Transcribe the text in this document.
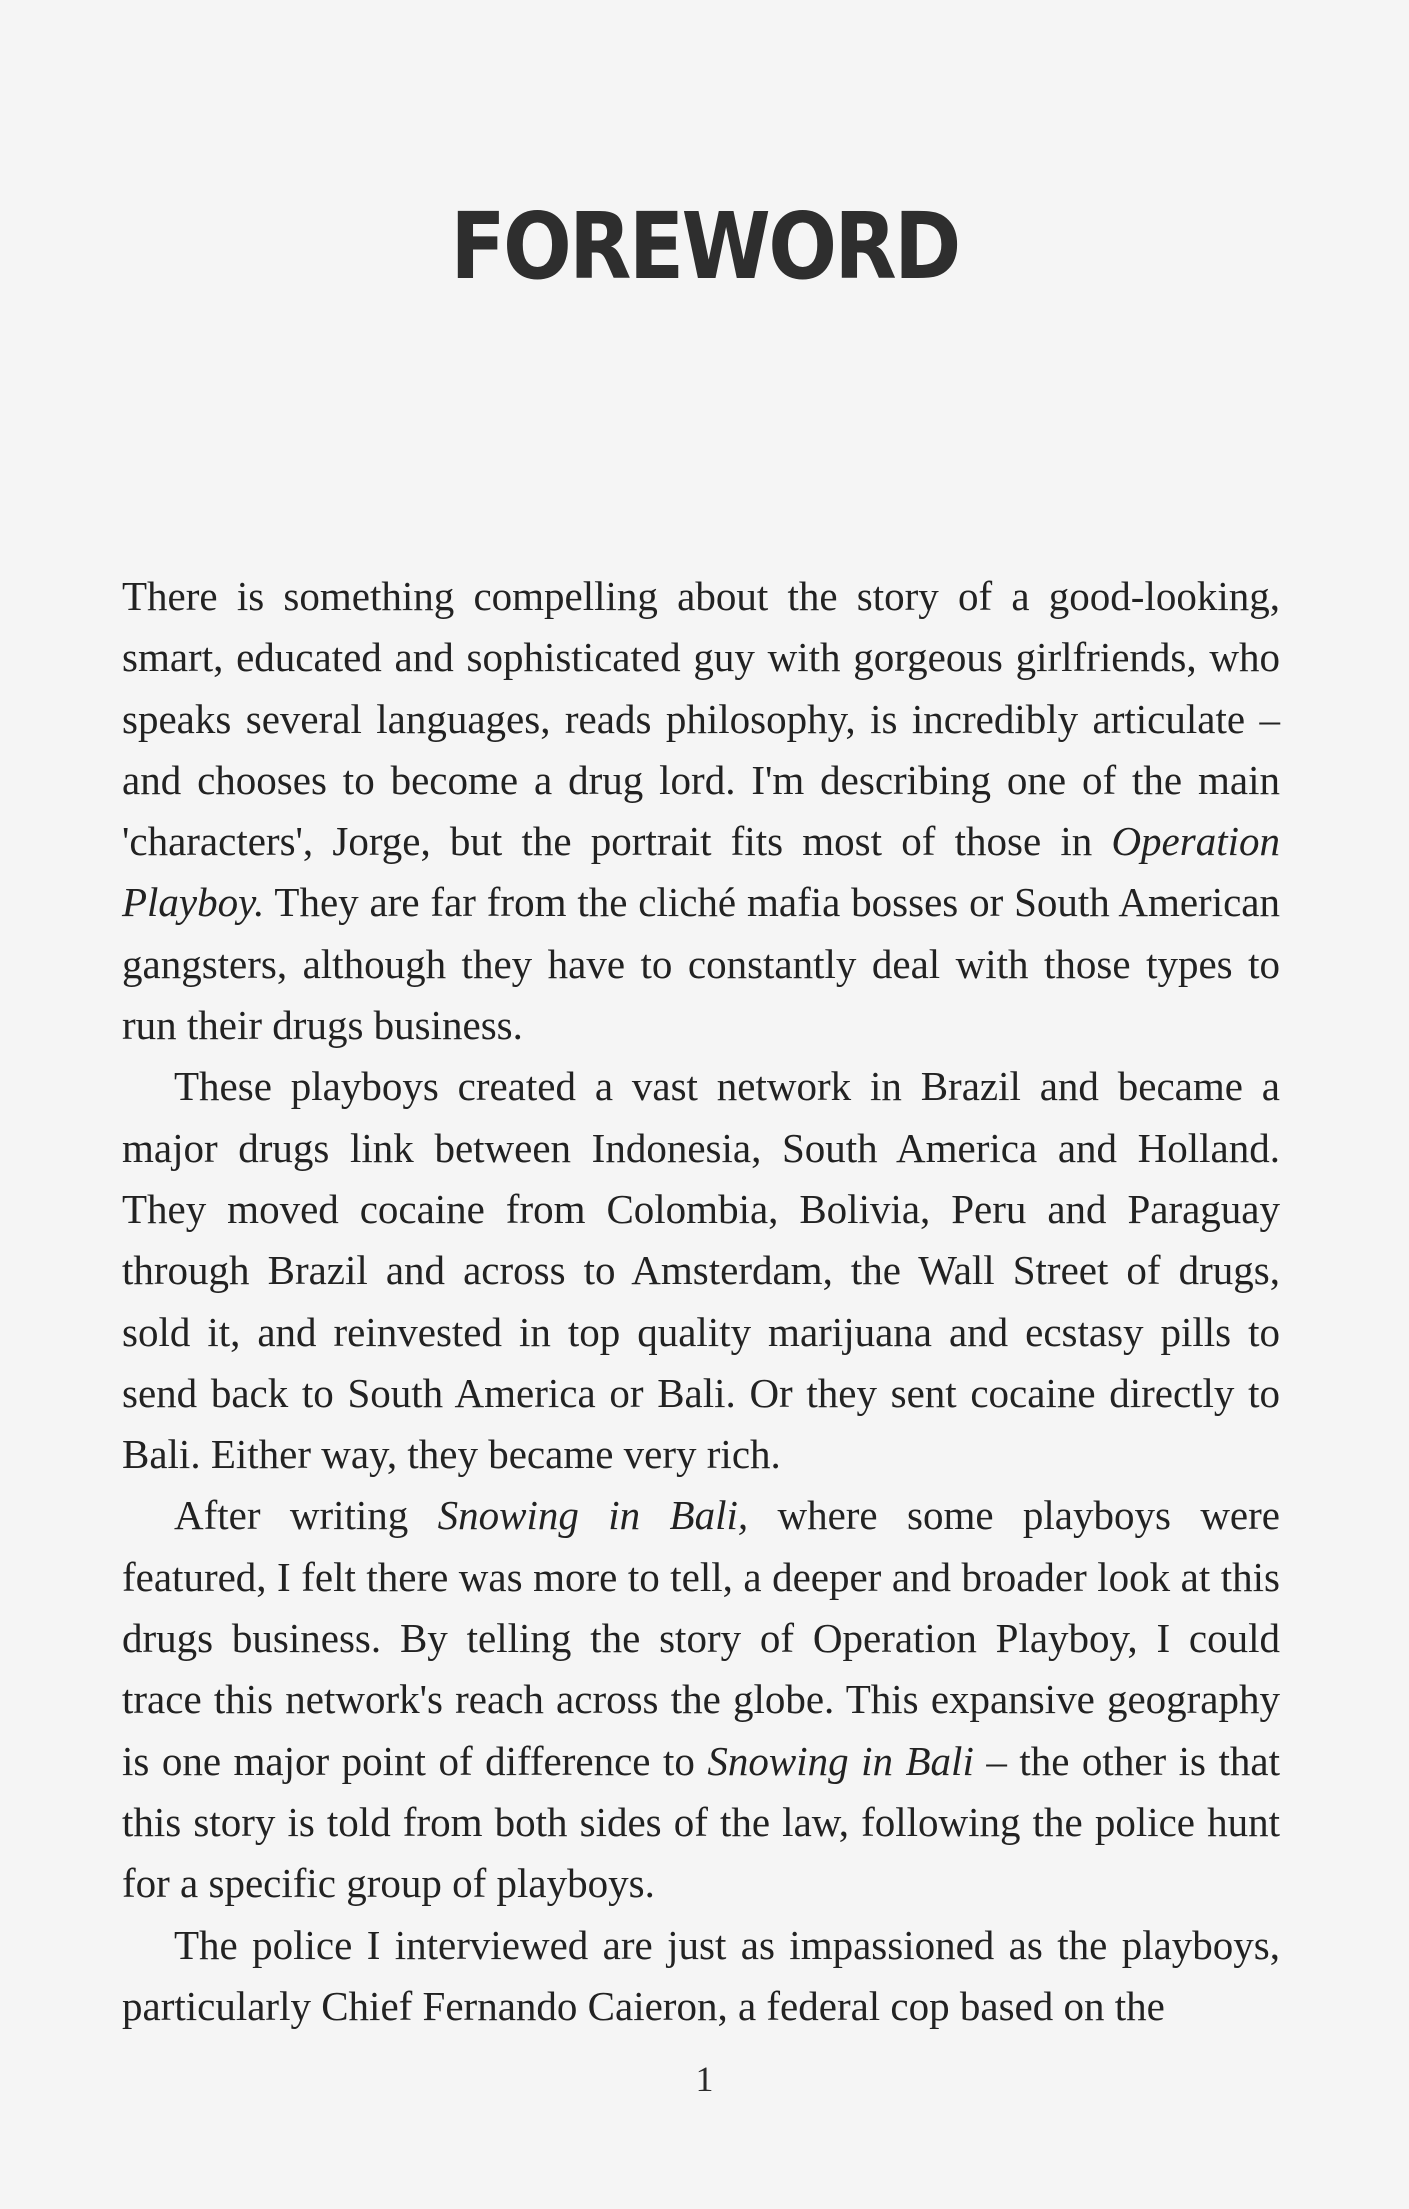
FOREWORD

There is something compelling about the story of a good-looking, smart, educated and sophisticated guy with gorgeous girlfriends, who speaks several languages, reads philosophy, is incredibly articulate – and chooses to become a drug lord. I'm describing one of the main 'characters', Jorge, but the portrait fits most of those in Operation Playboy. They are far from the cliché mafia bosses or South American gangsters, although they have to constantly deal with those types to run their drugs business.

These playboys created a vast network in Brazil and became a major drugs link between Indonesia, South America and Holland. They moved cocaine from Colombia, Bolivia, Peru and Paraguay through Brazil and across to Amsterdam, the Wall Street of drugs, sold it, and reinvested in top quality marijuana and ecstasy pills to send back to South America or Bali. Or they sent cocaine directly to Bali. Either way, they became very rich.

After writing Snowing in Bali, where some playboys were featured, I felt there was more to tell, a deeper and broader look at this drugs business. By telling the story of Operation Playboy, I could trace this network's reach across the globe. This expansive geography is one major point of difference to Snowing in Bali – the other is that this story is told from both sides of the law, following the police hunt for a specific group of playboys.

The police I interviewed are just as impassioned as the playboys, particularly Chief Fernando Caieron, a federal cop based on the

1
